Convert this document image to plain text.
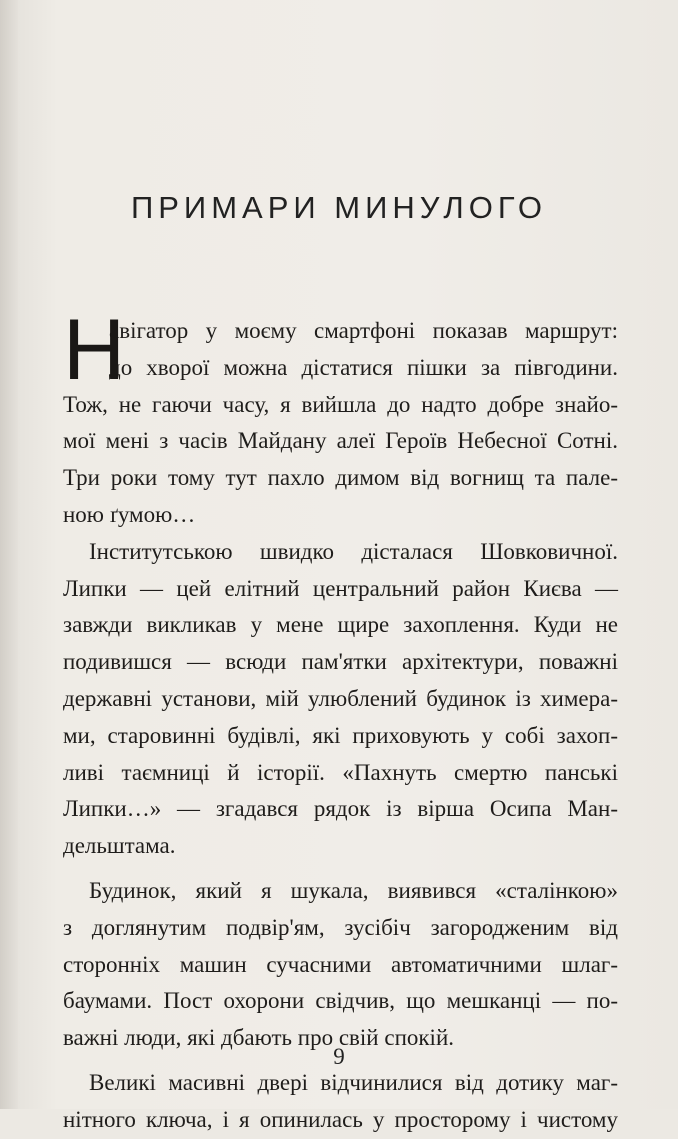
ПРИМАРИ МИНУЛОГО
Н
авігатор у моєму смартфоні показав маршрут:
до хворої можна дістатися пішки за півгодини.
Тож, не гаючи часу, я вийшла до надто добре знайо-
мої мені з часів Майдану алеї Героїв Небесної Сотні.
Три роки тому тут пахло димом від вогнищ та пале-
ною ґумою…
Інститутською швидко дісталася Шовковичної.
Липки — цей елітний центральний район Києва —
завжди викликав у мене щире захоплення. Куди не
подивишся — всюди пам'ятки архітектури, поважні
державні установи, мій улюблений будинок із химера-
ми, старовинні будівлі, які приховують у собі захоп-
ливі таємниці й історії. «Пахнуть смертю панські
Липки…» — згадався рядок із вірша Осипа Ман-
дельштама.
Будинок, який я шукала, виявився «сталінкою»
з доглянутим подвір'ям, зусібіч загородженим від
сторонніх машин сучасними автоматичними шлаг-
баумами. Пост охорони свідчив, що мешканці — по-
важні люди, які дбають про свій спокій.
Великі масивні двері відчинилися від дотику маг-
нітного ключа, і я опинилась у просторому і чистому
9
